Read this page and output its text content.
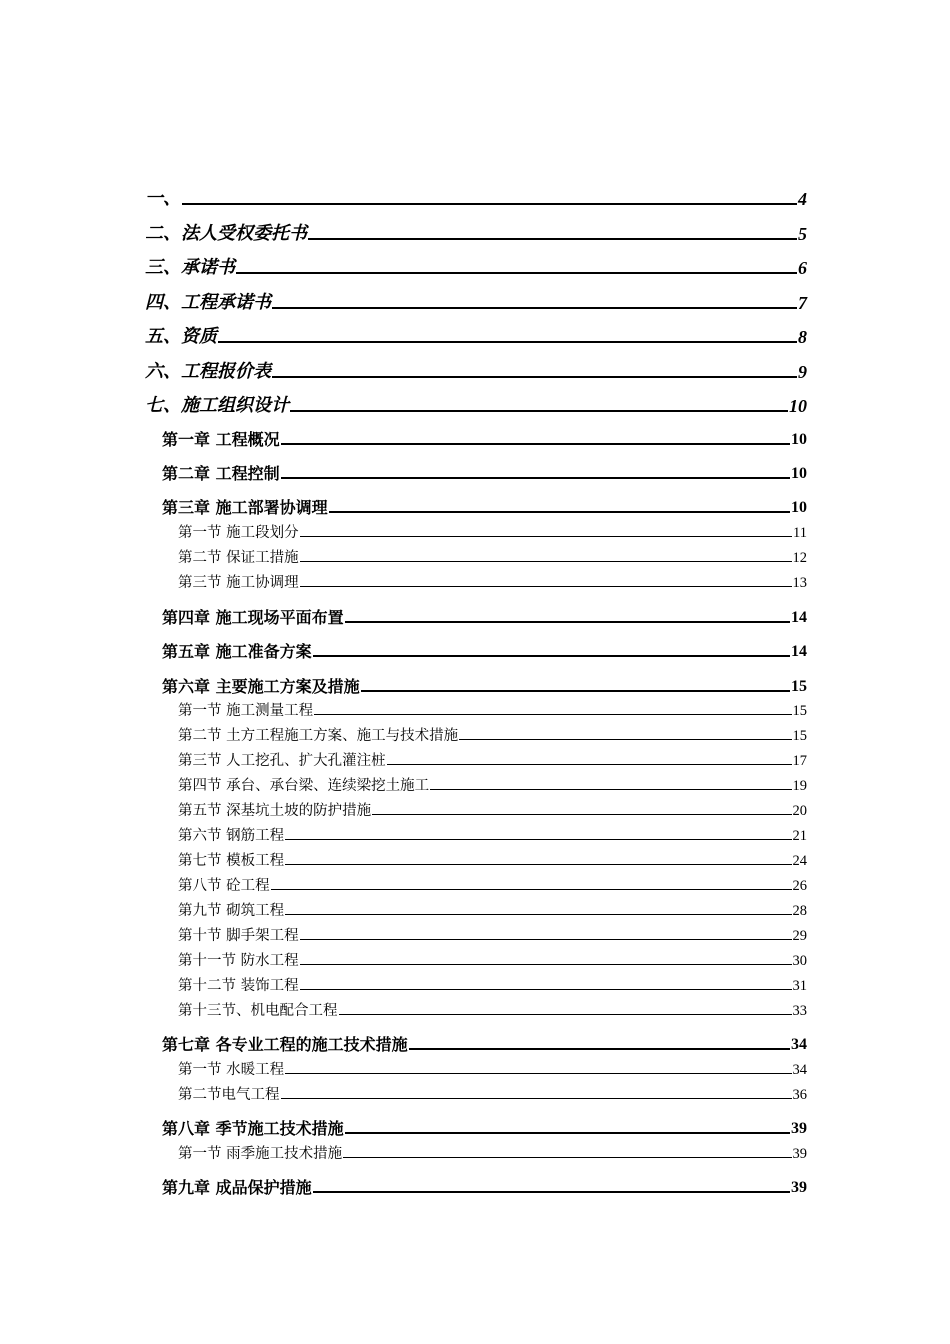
一、	4
二、法人受权委托书	5
三、承诺书	6
四、工程承诺书	7
五、资质	8
六、工程报价表	9
七、施工组织设计	10
第一章 工程概况	10
第二章 工程控制	10
第三章 施工部署协调理	10
第一节 施工段划分	11
第二节 保证工措施	12
第三节 施工协调理	13
第四章 施工现场平面布置	14
第五章 施工准备方案	14
第六章 主要施工方案及措施	15
第一节 施工测量工程	15
第二节 土方工程施工方案、施工与技术措施	15
第三节 人工挖孔、扩大孔灌注桩	17
第四节 承台、承台梁、连续梁挖土施工	19
第五节 深基坑土坡的防护措施	20
第六节 钢筋工程	21
第七节 模板工程	24
第八节 砼工程	26
第九节 砌筑工程	28
第十节 脚手架工程	29
第十一节 防水工程	30
第十二节 装饰工程	31
第十三节、机电配合工程	33
第七章 各专业工程的施工技术措施	34
第一节 水暖工程	34
第二节电气工程	36
第八章 季节施工技术措施	39
第一节 雨季施工技术措施	39
第九章 成品保护措施	39
